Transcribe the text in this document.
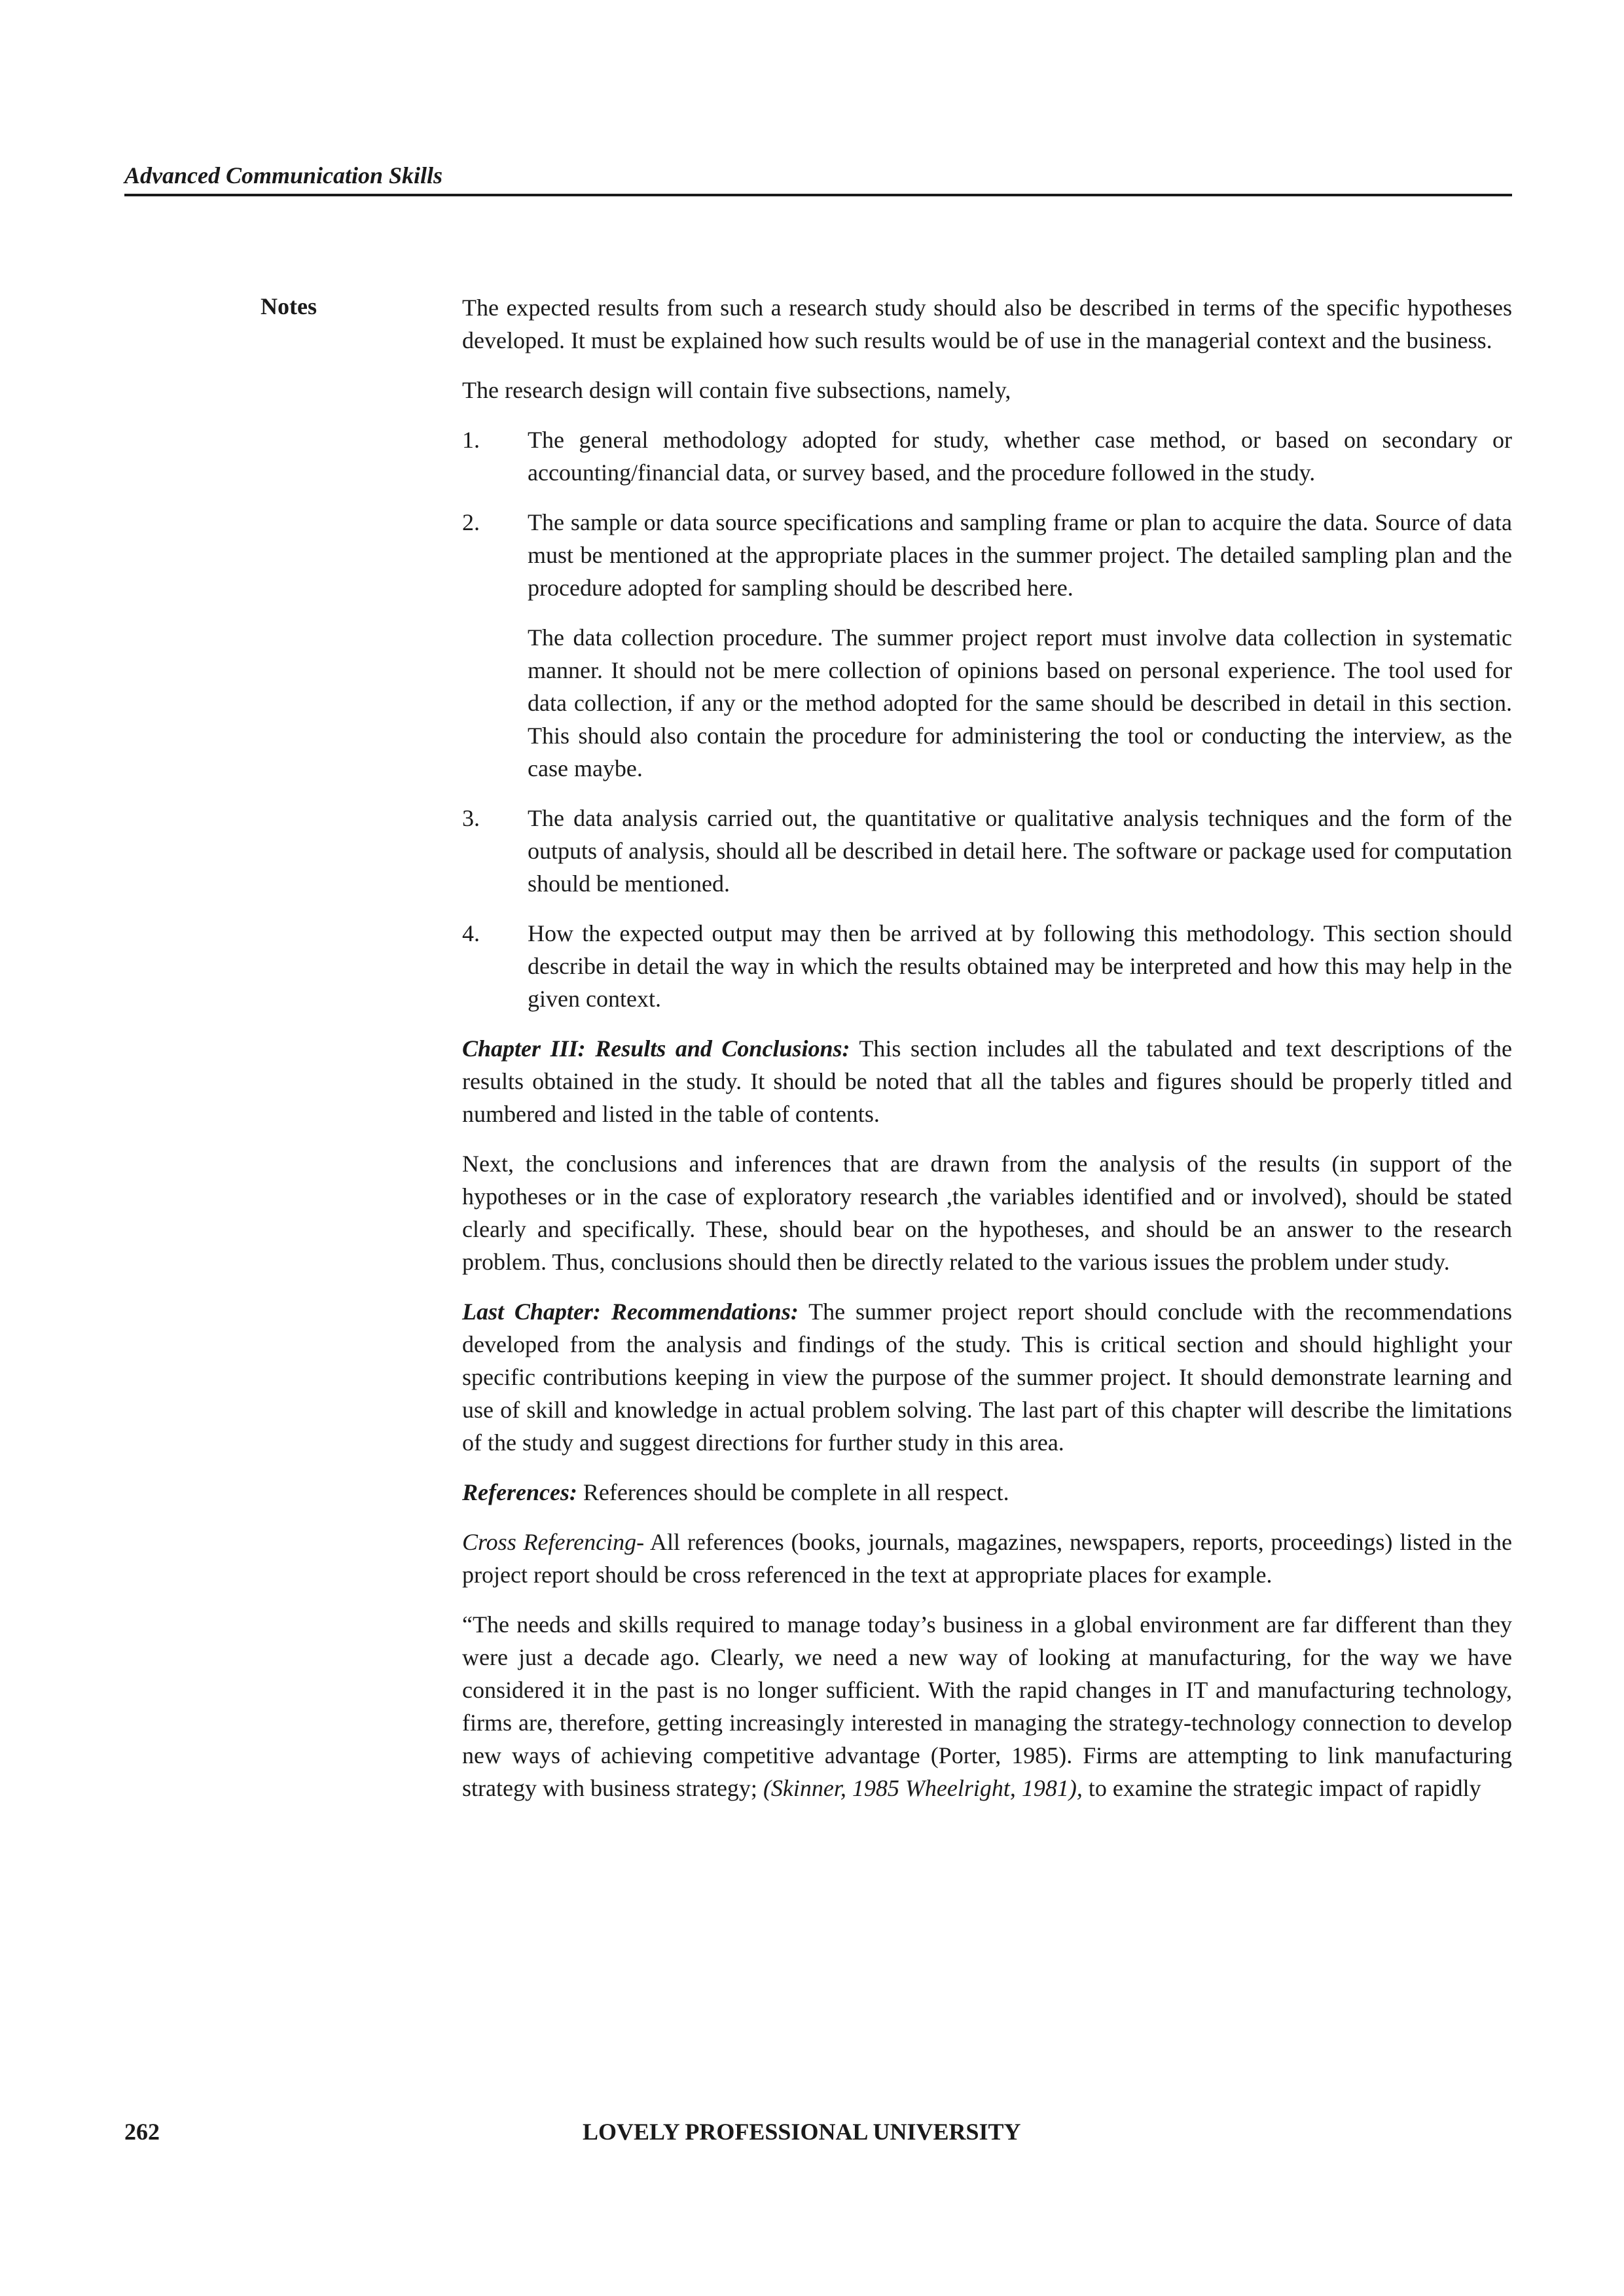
Advanced Communication Skills
Notes	The expected results from such a research study should also be described in terms of the specific hypotheses developed. It must be explained how such results would be of use in the managerial context and the business.

The research design will contain five subsections, namely,

1. The general methodology adopted for study, whether case method, or based on secondary or accounting/financial data, or survey based, and the procedure followed in the study.

2. The sample or data source specifications and sampling frame or plan to acquire the data. Source of data must be mentioned at the appropriate places in the summer project. The detailed sampling plan and the procedure adopted for sampling should be described here.

The data collection procedure. The summer project report must involve data collection in systematic manner. It should not be mere collection of opinions based on personal experience. The tool used for data collection, if any or the method adopted for the same should be described in detail in this section. This should also contain the procedure for administering the tool or conducting the interview, as the case maybe.

3. The data analysis carried out, the quantitative or qualitative analysis techniques and the form of the outputs of analysis, should all be described in detail here. The software or package used for computation should be mentioned.

4. How the expected output may then be arrived at by following this methodology. This section should describe in detail the way in which the results obtained may be interpreted and how this may help in the given context.

Chapter III: Results and Conclusions: This section includes all the tabulated and text descriptions of the results obtained in the study. It should be noted that all the tables and figures should be properly titled and numbered and listed in the table of contents.

Next, the conclusions and inferences that are drawn from the analysis of the results (in support of the hypotheses or in the case of exploratory research ,the variables identified and or involved), should be stated clearly and specifically. These, should bear on the hypotheses, and should be an answer to the research problem. Thus, conclusions should then be directly related to the various issues the problem under study.

Last Chapter: Recommendations: The summer project report should conclude with the recommendations developed from the analysis and findings of the study. This is critical section and should highlight your specific contributions keeping in view the purpose of the summer project. It should demonstrate learning and use of skill and knowledge in actual problem solving. The last part of this chapter will describe the limitations of the study and suggest directions for further study in this area.

References: References should be complete in all respect.

Cross Referencing- All references (books, journals, magazines, newspapers, reports, proceedings) listed in the project report should be cross referenced in the text at appropriate places for example.

“The needs and skills required to manage today’s business in a global environment are far different than they were just a decade ago. Clearly, we need a new way of looking at manufacturing, for the way we have considered it in the past is no longer sufficient. With the rapid changes in IT and manufacturing technology, firms are, therefore, getting increasingly interested in managing the strategy-technology connection to develop new ways of achieving competitive advantage (Porter, 1985). Firms are attempting to link manufacturing strategy with business strategy; (Skinner, 1985 Wheelright, 1981), to examine the strategic impact of rapidly

262	LOVELY PROFESSIONAL UNIVERSITY
